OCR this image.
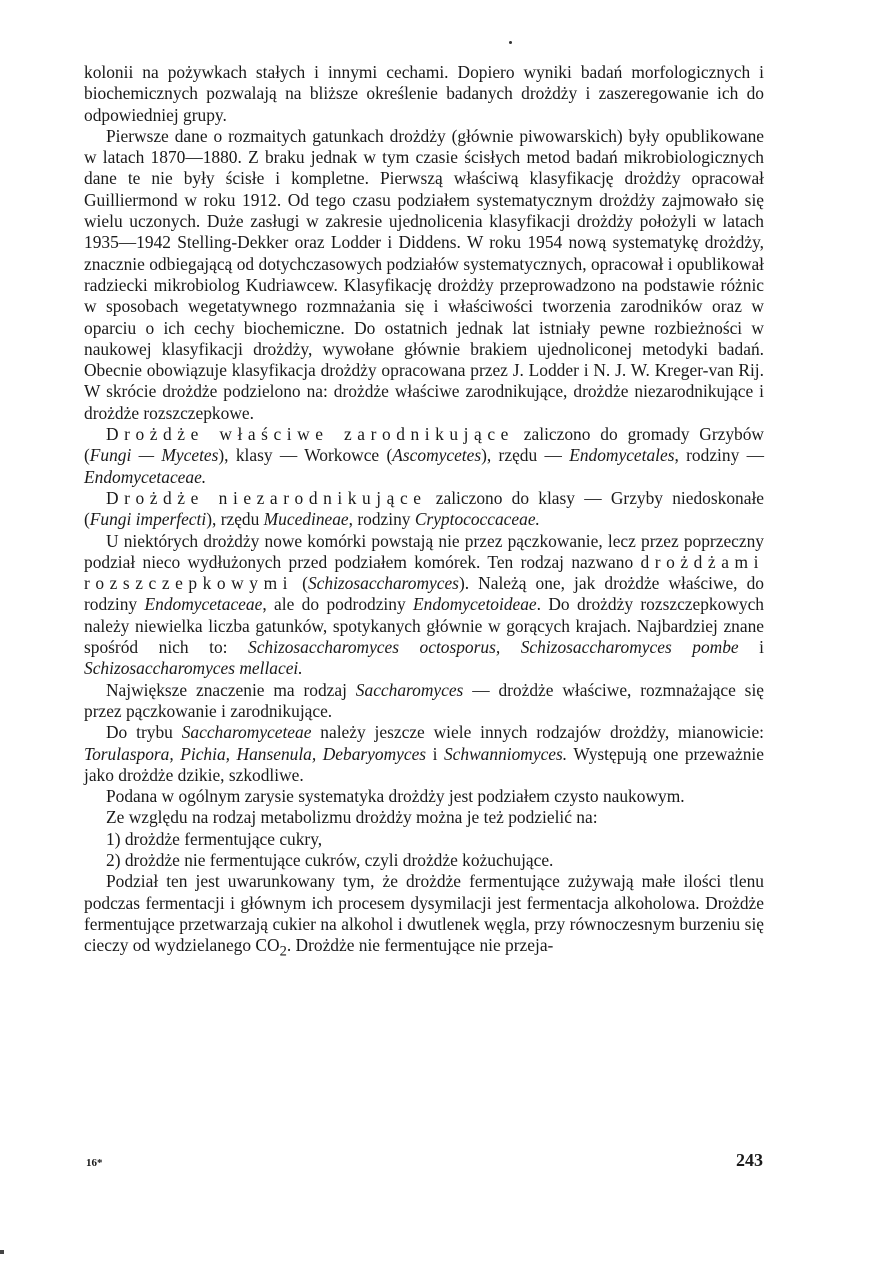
kolonii na pożywkach stałych i innymi cechami. Dopiero wyniki badań morfologicznych i biochemicznych pozwalają na bliższe określenie badanych drożdży i zaszeregowanie ich do odpowiedniej grupy.

Pierwsze dane o rozmaitych gatunkach drożdży (głównie piwowarskich) były opublikowane w latach 1870—1880. Z braku jednak w tym czasie ścisłych metod badań mikrobiologicznych dane te nie były ścisłe i kompletne. Pierwszą właściwą klasyfikację drożdży opracował Guilliermond w roku 1912. Od tego czasu podziałem systematycznym drożdży zajmowało się wielu uczonych. Duże zasługi w zakresie ujednolicenia klasyfikacji drożdży położyli w latach 1935—1942 Stelling-Dekker oraz Lodder i Diddens. W roku 1954 nową systematykę drożdży, znacznie odbiegającą od dotychczasowych podziałów systematycznych, opracował i opublikował radziecki mikrobiolog Kudriawcew. Klasyfikację drożdży przeprowadzono na podstawie różnic w sposobach wegetatywnego rozmnażania się i właściwości tworzenia zarodników oraz w oparciu o ich cechy biochemiczne. Do ostatnich jednak lat istniały pewne rozbieżności w naukowej klasyfikacji drożdży, wywołane głównie brakiem ujednoliconej metodyki badań. Obecnie obowiązuje klasyfikacja drożdży opracowana przez J. Lodder i N. J. W. Kreger-van Rij. W skrócie drożdże podzielono na: drożdże właściwe zarodnikujące, drożdże niezarodnikujące i drożdże rozszczepkowe.

Drożdże właściwe zarodnikujące zaliczono do gromady Grzybów (Fungi — Mycetes), klasy — Workowce (Ascomycetes), rzędu — Endomycetales, rodziny — Endomycetaceae.

Drożdże niezarodnikujące zaliczono do klasy — Grzyby niedoskonałe (Fungi imperfecti), rzędu Mucedineae, rodziny Cryptococcaceae.

U niektórych drożdży nowe komórki powstają nie przez pączkowanie, lecz przez poprzeczny podział nieco wydłużonych przed podziałem komórek. Ten rodzaj nazwano drożdżami rozszczepkowymi (Schizosaccharomyces). Należą one, jak drożdże właściwe, do rodziny Endomycetaceae, ale do podrodziny Endomycetoideae. Do drożdży rozszczepkowych należy niewielka liczba gatunków, spotykanych głównie w gorących krajach. Najbardziej znane spośród nich to: Schizosaccharomyces octosporus, Schizosaccharomyces pombe i Schizosaccharomyces mellacei.

Największe znaczenie ma rodzaj Saccharomyces — drożdże właściwe, rozmnażające się przez pączkowanie i zarodnikujące.

Do trybu Saccharomyceteae należy jeszcze wiele innych rodzajów drożdży, mianowicie: Torulaspora, Pichia, Hansenula, Debaryomyces i Schwanniomyces. Występują one przeważnie jako drożdże dzikie, szkodliwe.

Podana w ogólnym zarysie systematyka drożdży jest podziałem czysto naukowym.

Ze względu na rodzaj metabolizmu drożdży można je też podzielić na:

1) drożdże fermentujące cukry,

2) drożdże nie fermentujące cukrów, czyli drożdże kożuchujące.

Podział ten jest uwarunkowany tym, że drożdże fermentujące zużywają małe ilości tlenu podczas fermentacji i głównym ich procesem dysymilacji jest fermentacja alkoholowa. Drożdże fermentujące przetwarzają cukier na alkohol i dwutlenek węgla, przy równoczesnym burzeniu się cieczy od wydzielanego $CO_2$. Drożdże nie fermentujące nie przeja-

16*	243
